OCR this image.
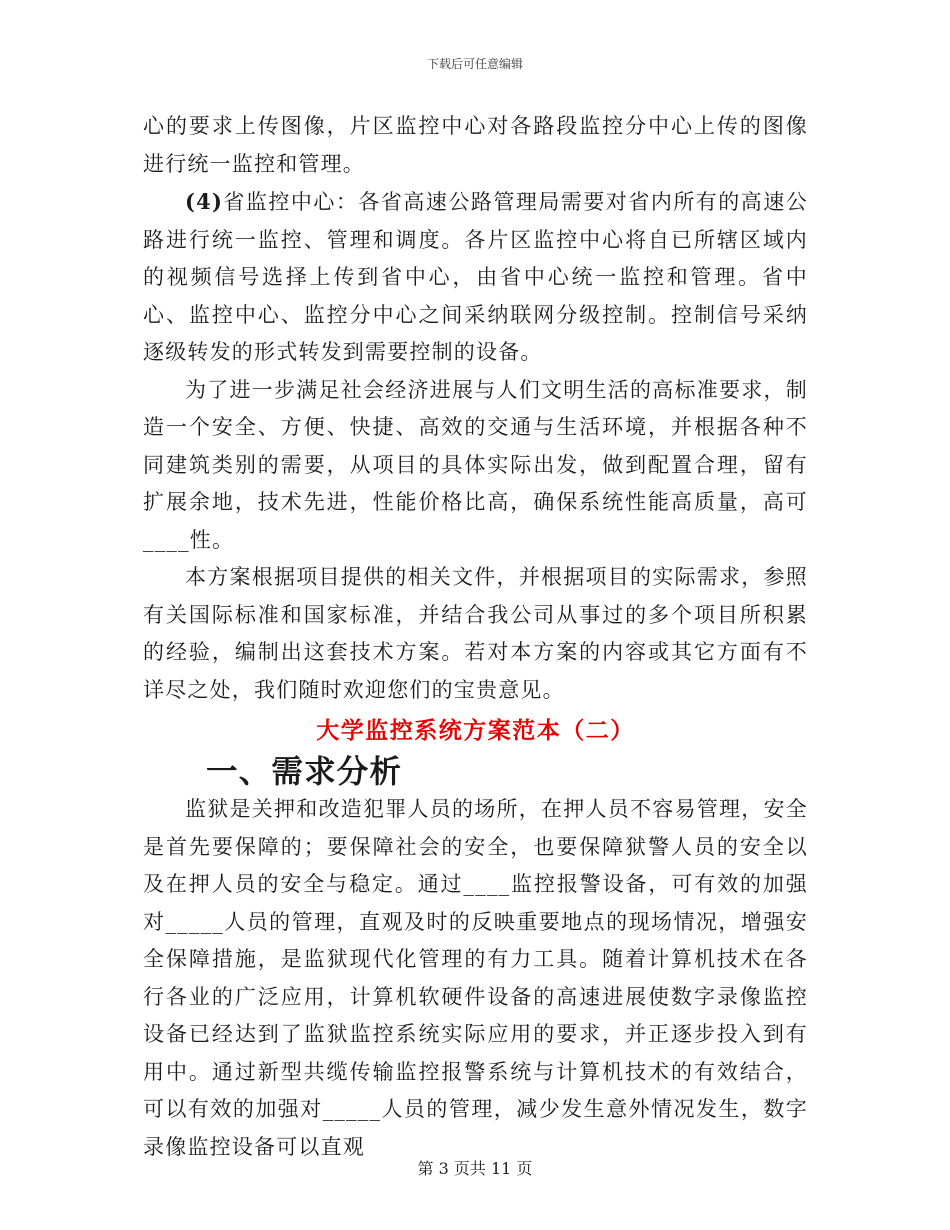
下载后可任意编辑

心的要求上传图像，片区监控中心对各路段监控分中心上传的图像进行统一监控和管理。

(4)省监控中心：各省高速公路管理局需要对省内所有的高速公路进行统一监控、管理和调度。各片区监控中心将自已所辖区域内的视频信号选择上传到省中心，由省中心统一监控和管理。省中心、监控中心、监控分中心之间采纳联网分级控制。控制信号采纳逐级转发的形式转发到需要控制的设备。

为了进一步满足社会经济进展与人们文明生活的高标准要求，制造一个安全、方便、快捷、高效的交通与生活环境，并根据各种不同建筑类别的需要，从项目的具体实际出发，做到配置合理，留有扩展余地，技术先进，性能价格比高，确保系统性能高质量，高可____性。

本方案根据项目提供的相关文件，并根据项目的实际需求，参照有关国际标准和国家标准，并结合我公司从事过的多个项目所积累的经验，编制出这套技术方案。若对本方案的内容或其它方面有不详尽之处，我们随时欢迎您们的宝贵意见。

大学监控系统方案范本（二）
一、需求分析

监狱是关押和改造犯罪人员的场所，在押人员不容易管理，安全是首先要保障的；要保障社会的安全，也要保障狱警人员的安全以及在押人员的安全与稳定。通过____监控报警设备，可有效的加强对_____人员的管理，直观及时的反映重要地点的现场情况，增强安全保障措施，是监狱现代化管理的有力工具。随着计算机技术在各行各业的广泛应用，计算机软硬件设备的高速进展使数字录像监控设备已经达到了监狱监控系统实际应用的要求，并正逐步投入到有用中。通过新型共缆传输监控报警系统与计算机技术的有效结合，可以有效的加强对_____人员的管理，减少发生意外情况发生，数字录像监控设备可以直观

第 3 页共 11 页
